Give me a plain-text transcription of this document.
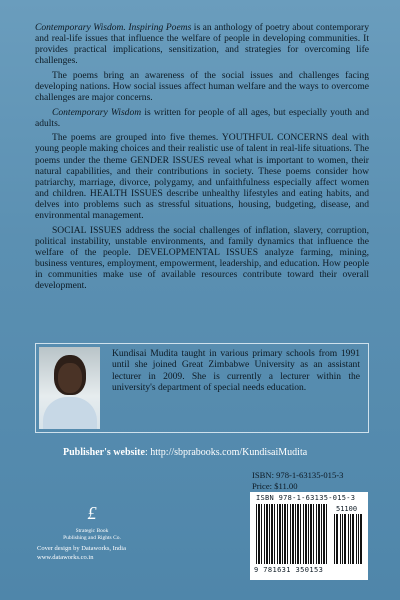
Contemporary Wisdom. Inspiring Poems is an anthology of poetry about contemporary and real-life issues that influence the welfare of people in developing communities. It provides practical implications, sensitization, and strategies for overcoming life challenges.

The poems bring an awareness of the social issues and challenges facing developing nations. How social issues affect human welfare and the ways to overcome challenges are major concerns.

Contemporary Wisdom is written for people of all ages, but especially youth and adults.

The poems are grouped into five themes. YOUTHFUL CONCERNS deal with young people making choices and their realistic use of talent in real-life situations. The poems under the theme GENDER ISSUES reveal what is important to women, their natural capabilities, and their contributions in society. These poems consider how patriarchy, marriage, divorce, polygamy, and unfaithfulness especially affect women and children. HEALTH ISSUES describe unhealthy lifestyles and eating habits, and delves into problems such as stressful situations, housing, budgeting, disease, and environmental management.

SOCIAL ISSUES address the social challenges of inflation, slavery, corruption, political instability, unstable environments, and family dynamics that influence the welfare of the people. DEVELOPMENTAL ISSUES analyze farming, mining, business ventures, employment, empowerment, leadership, and education. How people in communities make use of available resources contribute toward their overall development.

Kundisai Mudita taught in various primary schools from 1991 until she joined Great Zimbabwe University as an assistant lecturer in 2009. She is currently a lecturer within the university's department of special needs education.
Publisher's website: http://sbprabooks.com/KundisaiMudita
ISBN: 978-1-63135-015-3
Price: $11.00
ISBN 978-1-63135-015-3
51100
9 781631 350153
£
Strategic Book
Publishing and Rights Co.
Cover design by Dataworks, India
www.dataworks.co.in
